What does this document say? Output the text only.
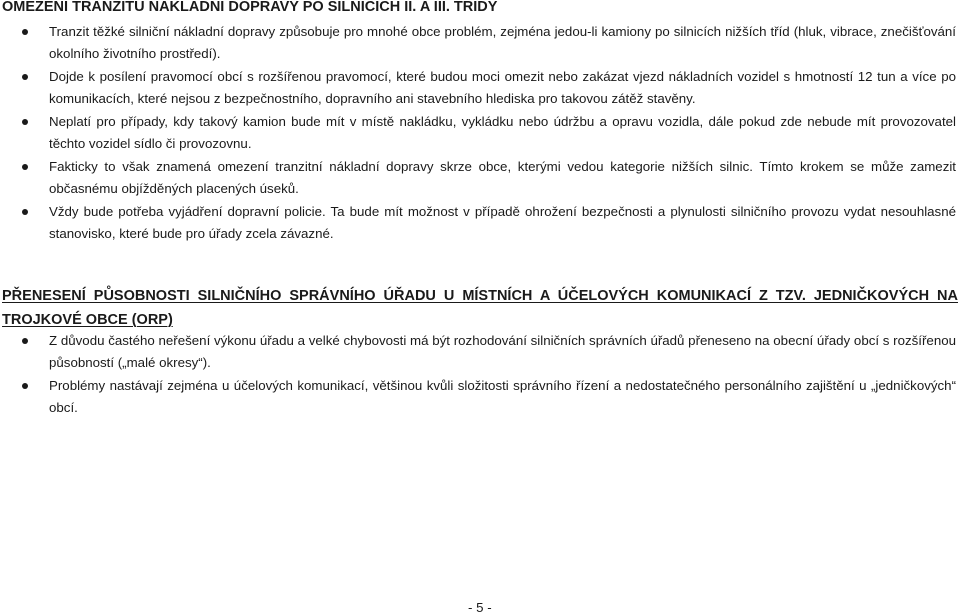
OMEZENÍ TRANZITU NÁKLADNÍ DOPRAVY PO SILNICÍCH II. A III. TŘÍDY
Tranzit těžké silniční nákladní dopravy způsobuje pro mnohé obce problém, zejména jedou-li kamiony po silnicích nižších tříd (hluk, vibrace, znečišťování okolního životního prostředí).
Dojde k posílení pravomocí obcí s rozšířenou pravomocí, které budou moci omezit nebo zakázat vjezd nákladních vozidel s hmotností 12 tun a více po komunikacích, které nejsou z bezpečnostního, dopravního ani stavebního hlediska pro takovou zátěž stavěny.
Neplatí pro případy, kdy takový kamion bude mít v místě nakládku, vykládku nebo údržbu a opravu vozidla, dále pokud zde nebude mít provozovatel těchto vozidel sídlo či provozovnu.
Fakticky to však znamená omezení tranzitní nákladní dopravy skrze obce, kterými vedou kategorie nižších silnic. Tímto krokem se může zamezit občasnému objížděných placených úseků.
Vždy bude potřeba vyjádření dopravní policie. Ta bude mít možnost v případě ohrožení bezpečnosti a plynulosti silničního provozu vydat nesouhlasné stanovisko, které bude pro úřady zcela závazné.
PŘENESENÍ PŮSOBNOSTI SILNIČNÍHO SPRÁVNÍHO ÚŘADU U MÍSTNÍCH A ÚČELOVÝCH KOMUNIKACÍ Z TZV. JEDNIČKOVÝCH NA TROJKOVÉ OBCE (ORP)
Z důvodu častého neřešení výkonu úřadu a velké chybovosti má být rozhodování silničních správních úřadů přeneseno na obecní úřady obcí s rozšířenou působností („malé okresy“).
Problémy nastávají zejména u účelových komunikací, většinou kvůli složitosti správního řízení a nedostatečného personálního zajištění u „jedničkových“ obcí.
- 5 -
